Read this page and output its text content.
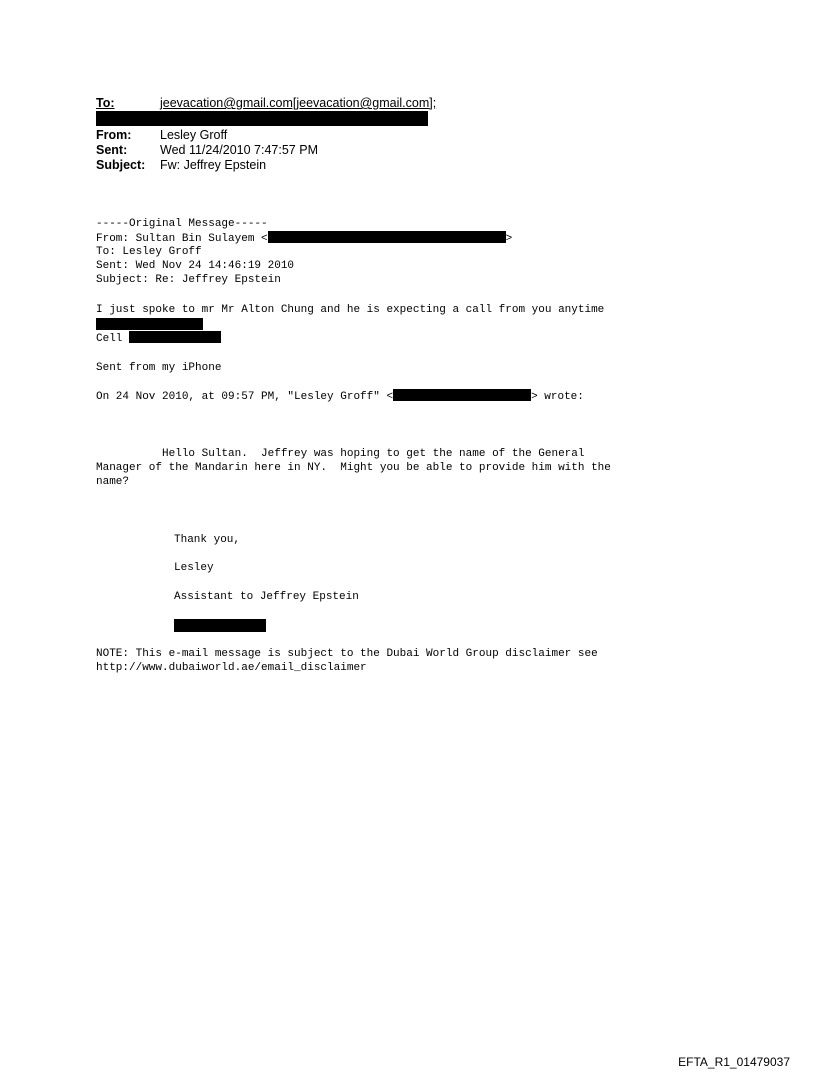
To:	jeevacation@gmail.com[jeevacation@gmail.com];
From: Lesley Groff
Sent:	Wed 11/24/2010 7:47:57 PM
Subject: Fw: Jeffrey Epstein
-----Original Message-----
From: Sultan Bin Sulayem <	>
To: Lesley Groff
Sent: Wed Nov 24 14:46:19 2010
Subject: Re: Jeffrey Epstein
I just spoke to mr Mr Alton Chung and he is expecting a call from you anytime
Cell
Sent from my iPhone
On 24 Nov 2010, at 09:57 PM, "Lesley Groff" <	> wrote:
Hello Sultan.  Jeffrey was hoping to get the name of the General
Manager of the Mandarin here in NY.  Might you be able to provide him with the
name?
Thank you,
Lesley
Assistant to Jeffrey Epstein
NOTE: This e-mail message is subject to the Dubai World Group disclaimer see
http://www.dubaiworld.ae/email_disclaimer
EFTA_R1_01479037
